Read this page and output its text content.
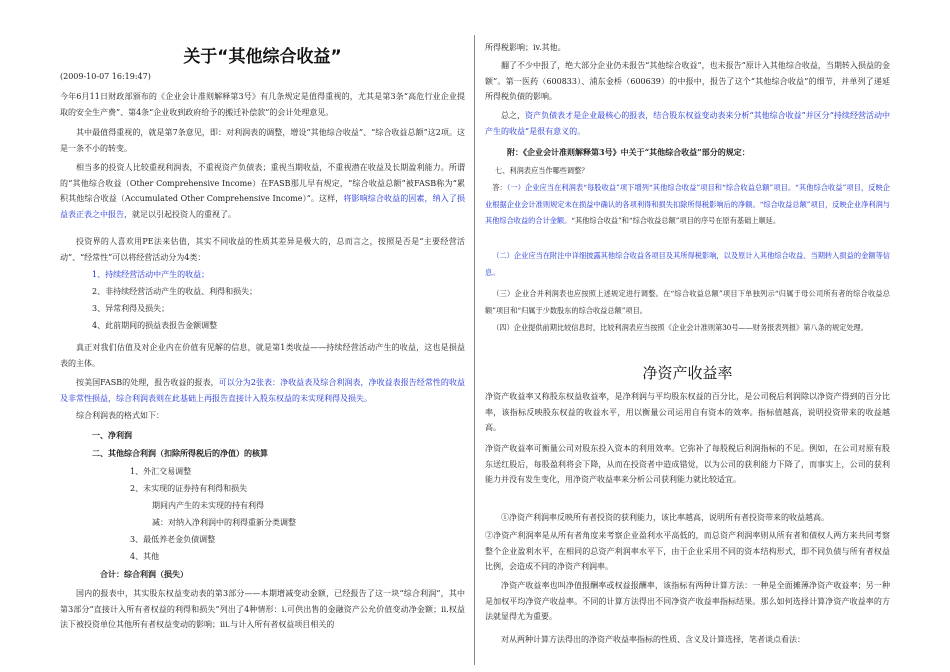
关于“其他综合收益”
(2009-10-07 16:19:47)
今年6月11日财政部颁布的《企业会计准则解释第3号》有几条规定是值得重视的，尤其是第3条“高危行业企业提取的安全生产费”、第4条“企业收到政府给予的搬迁补偿款”的会计处理意见。
其中最值得重视的，就是第7条意见，即：对利润表的调整，增设“其他综合收益”、“综合收益总额”这2项。这是一条不小的转变。
相当多的投资人比较重视利润表，不重视资产负债表；重视当期收益，不重视潜在收益及长期盈利能力。所谓的“其他综合收益（Other Comprehensive Income）在FASB那儿早有规定，“综合收益总额”被FASB称为“累积其他综合收益（Accumulated Other Comprehensive Income）”。这样，将影响综合收益的因素，纳入了损益表正表之中报告，就足以引起投资人的重视了。
投资界的人喜欢用PE法来估值，其实不同收益的性质其差异是极大的，总而言之，按照是否是“主要经营活动”、“经常性”可以将经营活动分为4类：
1、持续经营活动中产生的收益；
2、非持续经营活动产生的收益、利得和损失；
3、异常利得及损失；
4、此前期间的损益表报告金额调整
真正对我们估值及对企业内在价值有见解的信息，就是第1类收益——持续经营活动产生的收益，这也是损益表的主体。
按美国FASB的处理，报告收益的报表，可以分为2张表：净收益表及综合利润表，净收益表报告经常性的收益及非常性损益，综合利润表则在此基础上再报告直接计入股东权益的未实现利得及损失。
综合利润表的格式如下：
一、净利润
二、其他综合利润（扣除所得税后的净值）的核算
1、外汇交易调整
2、未实现的证券持有利得和损失
期间内产生的未实现的持有利得
减：对纳入净利润中的利得重新分类调整
3、最低养老金负债调整
4、其他
合计：综合利润（损失）
国内的报表中，其实股东权益变动表的第3部分——本期增减变动金额，已经报告了这一块“综合利润”，其中第3部分“直接计入所有者权益的利得和损失”列出了4种情形：i.可供出售的金融资产公允价值变动净金额；ii.权益法下被投资单位其他所有者权益变动的影响；iii.与计入所有者权益项目相关的
所得税影响；iv.其他。
翻了不少中报了，绝大部分企业仍未报告“其他综合收益”，也未报告“原计入其他综合收益，当期转入损益的金额”。第一医药（600833）、浦东金桥（600639）的中报中，报告了这个“其他综合收益”的细节，并单列了递延所得税负债的影响。
总之，资产负债表才是企业最核心的报表，结合股东权益变动表来分析“其他综合收益”并区分“持续经营活动中产生的收益”是很有意义的。
附：《企业会计准则解释第3号》中关于“其他综合收益”部分的规定：
七、利润表应当作哪些调整？
答：（一）企业应当在利润表“每股收益”项下增列“其他综合收益”项目和“综合收益总额”项目。“其他综合收益”项目，反映企业根据企业会计准则规定未在损益中确认的各项利得和损失扣除所得税影响后的净额。“综合收益总额”项目，反映企业净利润与其他综合收益的合计金额。“其他综合收益”和“综合收益总额”项目的序号在原有基础上顺延。
（二）企业应当在附注中详细披露其他综合收益各项目及其所得税影响，以及原计入其他综合收益、当期转入损益的金额等信息。
（三）企业合并利润表也应按照上述规定进行调整。在“综合收益总额”项目下单独列示“归属于母公司所有者的综合收益总额”项目和“归属于少数股东的综合收益总额”项目。
（四）企业提供前期比较信息时，比较利润表应当按照《企业会计准则第30号——财务报表列报》第八条的规定处理。
净资产收益率
净资产收益率又称股东权益收益率，是净利润与平均股东权益的百分比，是公司税后利润除以净资产得到的百分比率，该指标反映股东权益的收益水平，用以衡量公司运用自有资本的效率。指标值越高，说明投资带来的收益越高。
净资产收益率可衡量公司对股东投入资本的利用效率。它弥补了每股税后利润指标的不足。例如，在公司对原有股东送红股后，每股盈利将会下降，从而在投资者中造成错觉，以为公司的获利能力下降了，而事实上，公司的获利能力并没有发生变化，用净资产收益率来分析公司获利能力就比较适宜。
①净资产利润率反映所有者投资的获利能力，该比率越高，说明所有者投资带来的收益越高。
②净资产利润率是从所有者角度来考察企业盈利水平高低的，而总资产利润率则从所有者和债权人两方来共同考察整个企业盈利水平，在相同的总资产利润率水平下，由于企业采用不同的资本结构形式，即不同负债与所有者权益比例，会造成不同的净资产利润率。
净资产收益率也叫净值报酬率或权益报酬率，该指标有两种计算方法：一种是全面摊薄净资产收益率；另一种是加权平均净资产收益率。不同的计算方法得出不同净资产收益率指标结果。那么如何选择计算净资产收益率的方法就显得尤为重要。
对从两种计算方法得出的净资产收益率指标的性质、含义及计算选择，笔者谈点看法：
